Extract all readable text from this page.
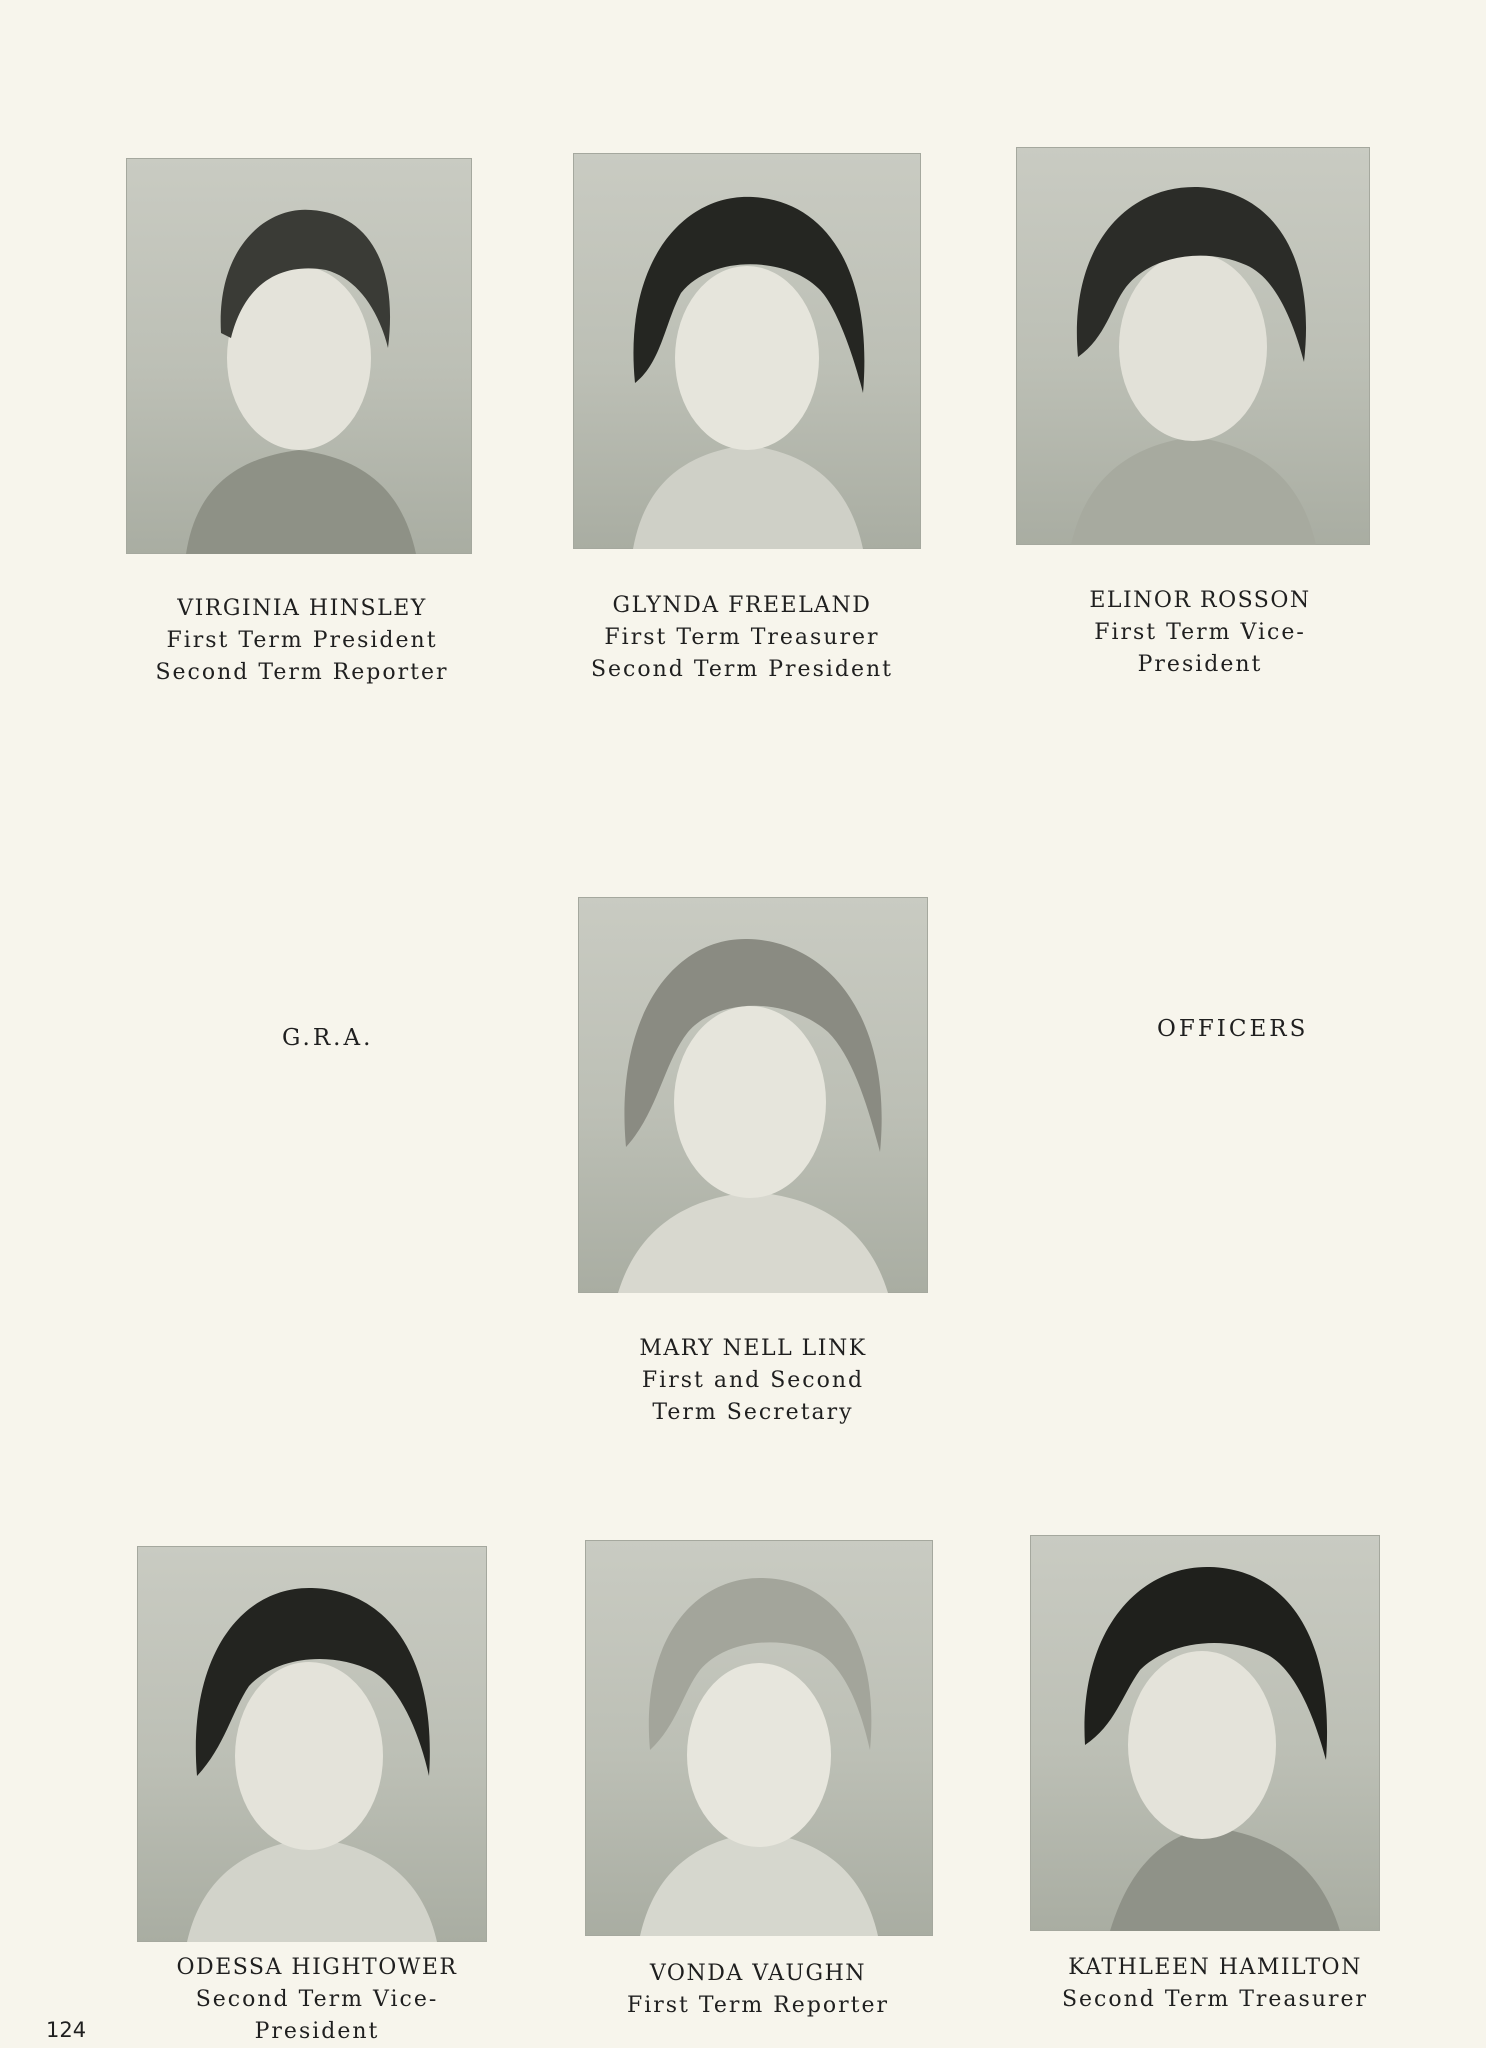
VIRGINIA HINSLEY
First Term President
Second Term Reporter
GLYNDA FREELAND
First Term Treasurer
Second Term President
ELINOR ROSSON
First Term Vice-
President
G.R.A.	OFFICERS
MARY NELL LINK
First and Second
Term Secretary
ODESSA HIGHTOWER
Second Term Vice-
President
VONDA VAUGHN
First Term Reporter
KATHLEEN HAMILTON
Second Term Treasurer
124
